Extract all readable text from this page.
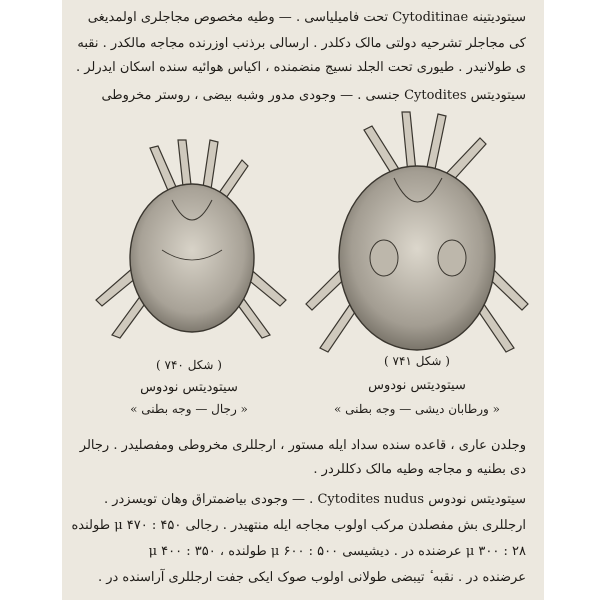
سیتودیتینه Cytoditinae تحت فامیلیاسی . — وطیه مخصوص مجاجلری اولمدیغی
کی مجاجلر تشرحیه دولتی مالک دکلدر . ارسالی برذنب اوزرنده مجاجه مالکدر . نقبه
ی طولانیدر . طیوری تحت الجلد نسیج منضمنده ، اکیاس هوائیه سنده اسکان ایدرلر .
سیتودیتس Cytodites جنسی . — وجودی مدور وشبه بیضی ، روستر مخروطی
( شکل ۷۴۰ )
سیتودیتس نودوس
« رجال — وجه بطنی »
( شکل ۷۴۱ )
سیتودیتس نودوس
« ورطابان دیشی — وجه بطنی »
وجلدن عاری ، قاعده سنده سداد ایله مستور ، ارجللری مخروطی ومفصلیدر . رجالر
دی بطنیه و مجاجه وطیه مالک دکللردر .
سیتودیتس نودوس Cytodites nudus . — وجودی بیاضمتراق وهان تویسزدر .
ارجللری بش مفصلدن مرکب اولوب مجاجه ایله منتهیدر . رجالی ۴۵۰ : ۴۷۰ μ طولنده
۲۸ : ۳۰۰ μ عرضنده در . دیشیسی ۵۰۰ : ۶۰۰ μ طولنده ، ۳۵۰ : ۴۰۰ μ
عرضنده در . نقبه ٔ تیبضی طولانی اولوب صوک ایکی جفت ارجللری آراسنده در .
